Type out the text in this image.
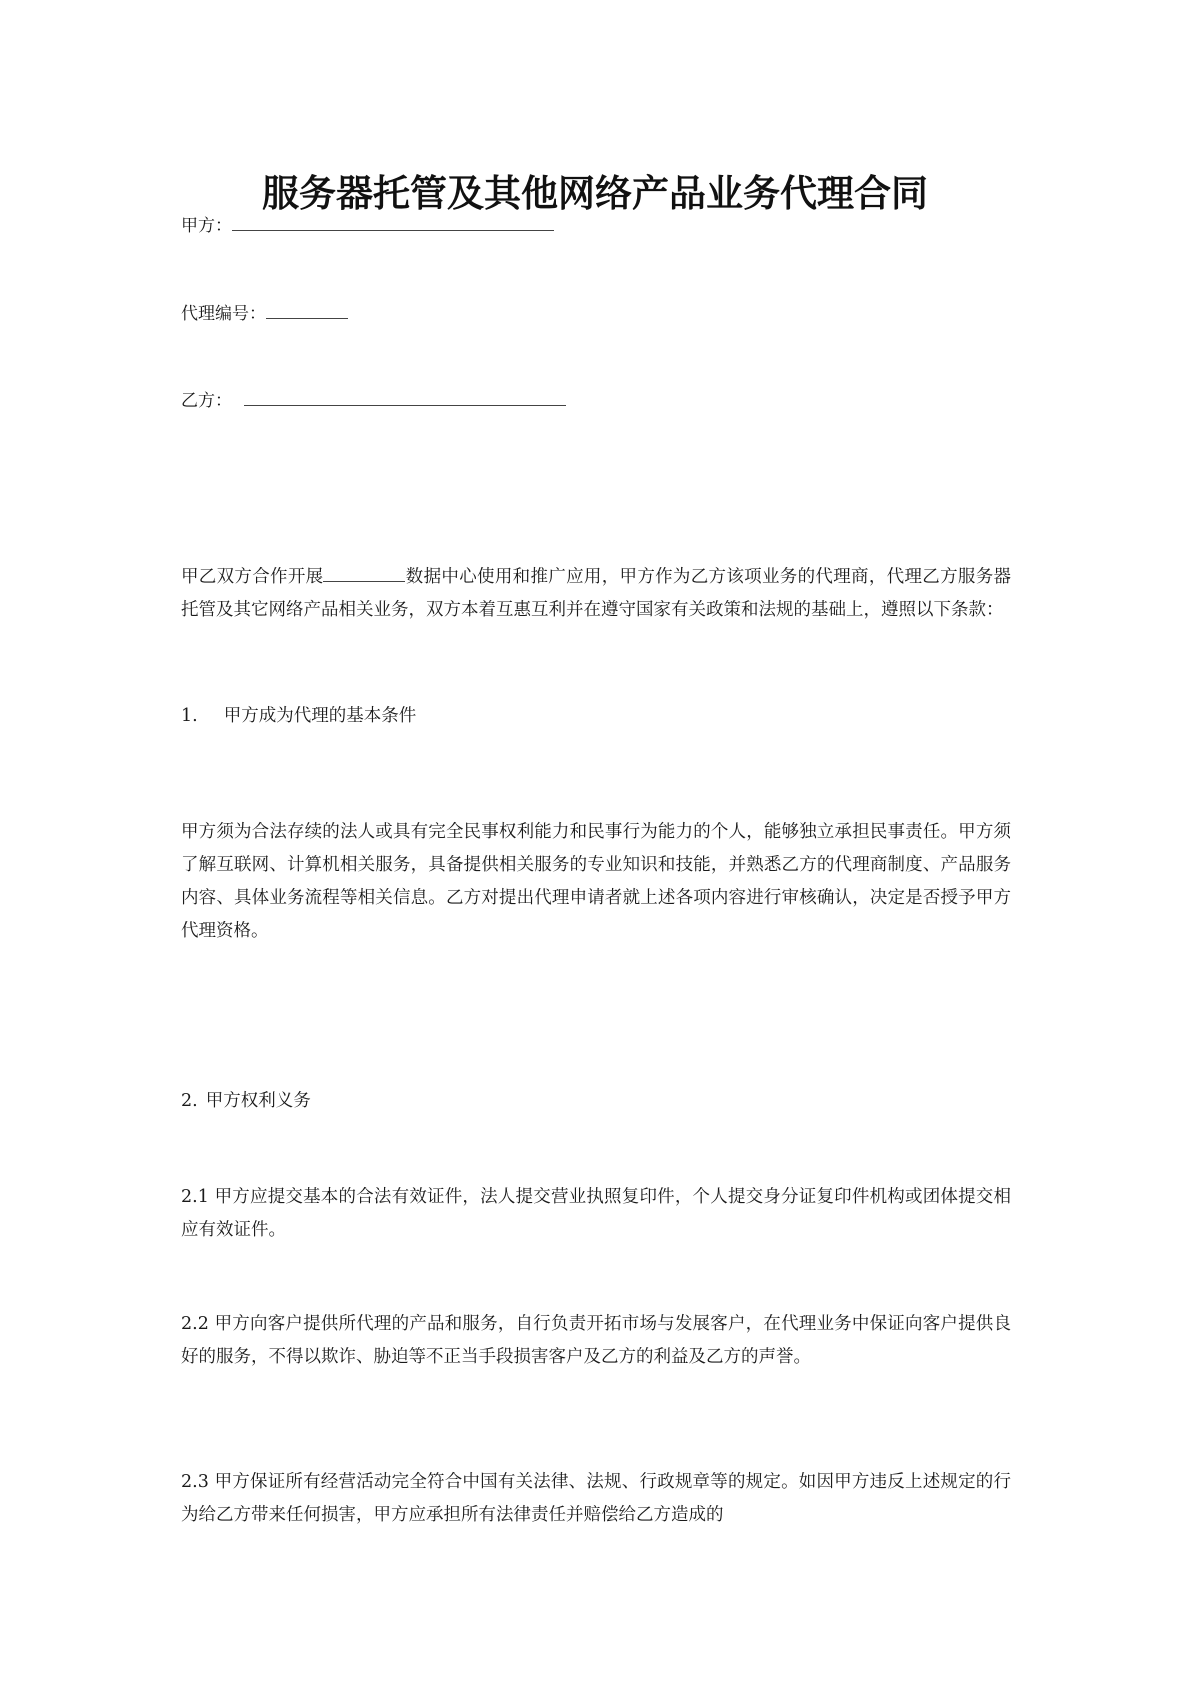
服务器托管及其他网络产品业务代理合同
甲方：
代理编号：
乙方：
甲乙双方合作开展	数据中心使用和推广应用，甲方作为乙方该项业务的代理商，代理乙方服务器托管及其它网络产品相关业务，双方本着互惠互利并在遵守国家有关政策和法规的基础上，遵照以下条款：
1. 甲方成为代理的基本条件
甲方须为合法存续的法人或具有完全民事权利能力和民事行为能力的个人，能够独立承担民事责任。甲方须了解互联网、计算机相关服务，具备提供相关服务的专业知识和技能，并熟悉乙方的代理商制度、产品服务内容、具体业务流程等相关信息。乙方对提出代理申请者就上述各项内容进行审核确认，决定是否授予甲方代理资格。
2. 甲方权利义务
2.1 甲方应提交基本的合法有效证件，法人提交营业执照复印件，个人提交身分证复印件机构或团体提交相应有效证件。
2.2 甲方向客户提供所代理的产品和服务，自行负责开拓市场与发展客户，在代理业务中保证向客户提供良好的服务，不得以欺诈、胁迫等不正当手段损害客户及乙方的利益及乙方的声誉。
2.3 甲方保证所有经营活动完全符合中国有关法律、法规、行政规章等的规定。如因甲方违反上述规定的行为给乙方带来任何损害，甲方应承担所有法律责任并赔偿给乙方造成的
